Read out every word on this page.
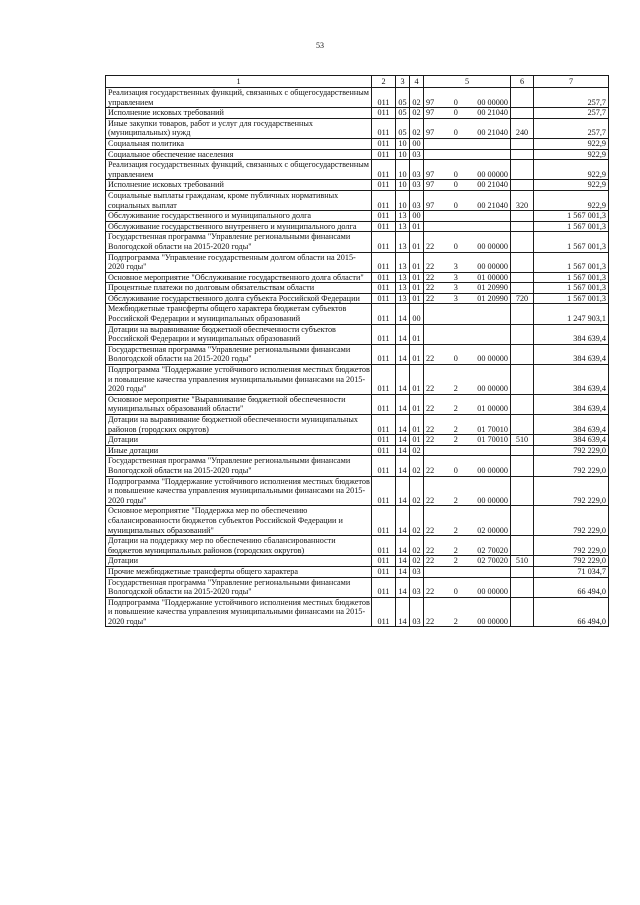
53
1	2	3	4	5	6	7
Реализация государственных функций, связанных с общегосударственным управлением	011	05	02	97 0 00 00000		257,7
Исполнение исковых требований	011	05	02	97 0 00 21040		257,7
Иные закупки товаров, работ и услуг для государственных (муниципальных) нужд	011	05	02	97 0 00 21040	240	257,7
Социальная политика	011	10	00			922,9
Социальное обеспечение населения	011	10	03			922,9
Реализация государственных функций, связанных с общегосударственным управлением	011	10	03	97 0 00 00000		922,9
Исполнение исковых требований	011	10	03	97 0 00 21040		922,9
Социальные выплаты гражданам, кроме публичных нормативных социальных выплат	011	10	03	97 0 00 21040	320	922,9
Обслуживание государственного и муниципального долга	011	13	00			1 567 001,3
Обслуживание государственного внутреннего и муниципального долга	011	13	01			1 567 001,3
Государственная программа "Управление региональными финансами Вологодской области на 2015-2020 годы"	011	13	01	22 0 00 00000		1 567 001,3
Подпрограмма "Управление государственным долгом области на 2015-2020 годы"	011	13	01	22 3 00 00000		1 567 001,3
Основное мероприятие "Обслуживание государственного долга области"	011	13	01	22 3 01 00000		1 567 001,3
Процентные платежи по долговым обязательствам области	011	13	01	22 3 01 20990		1 567 001,3
Обслуживание государственного долга субъекта Российской Федерации	011	13	01	22 3 01 20990	720	1 567 001,3
Межбюджетные трансферты общего характера бюджетам субъектов Российской Федерации и муниципальных образований	011	14	00			1 247 903,1
Дотации на выравнивание бюджетной обеспеченности субъектов Российской Федерации и муниципальных образований	011	14	01			384 639,4
Государственная программа "Управление региональными финансами Вологодской области на 2015-2020 годы"	011	14	01	22 0 00 00000		384 639,4
Подпрограмма "Поддержание устойчивого исполнения местных бюджетов и повышение качества управления муниципальными финансами на 2015-2020 годы"	011	14	01	22 2 00 00000		384 639,4
Основное мероприятие "Выравнивание бюджетной обеспеченности муниципальных образований области"	011	14	01	22 2 01 00000		384 639,4
Дотации на выравнивание бюджетной обеспеченности муниципальных районов (городских округов)	011	14	01	22 2 01 70010		384 639,4
Дотации	011	14	01	22 2 01 70010	510	384 639,4
Иные дотации	011	14	02			792 229,0
Государственная программа "Управление региональными финансами Вологодской области на 2015-2020 годы"	011	14	02	22 0 00 00000		792 229,0
Подпрограмма "Поддержание устойчивого исполнения местных бюджетов и повышение качества управления муниципальными финансами на 2015-2020 годы"	011	14	02	22 2 00 00000		792 229,0
Основное мероприятие "Поддержка мер по обеспечению сбалансированности бюджетов субъектов Российской Федерации и муниципальных образований"	011	14	02	22 2 02 00000		792 229,0
Дотации на поддержку мер по обеспечению сбалансированности бюджетов муниципальных районов (городских округов)	011	14	02	22 2 02 70020		792 229,0
Дотации	011	14	02	22 2 02 70020	510	792 229,0
Прочие межбюджетные трансферты общего характера	011	14	03			71 034,7
Государственная программа "Управление региональными финансами Вологодской области на 2015-2020 годы"	011	14	03	22 0 00 00000		66 494,0
Подпрограмма "Поддержание устойчивого исполнения местных бюджетов и повышение качества управления муниципальными финансами на 2015-2020 годы"	011	14	03	22 2 00 00000		66 494,0
